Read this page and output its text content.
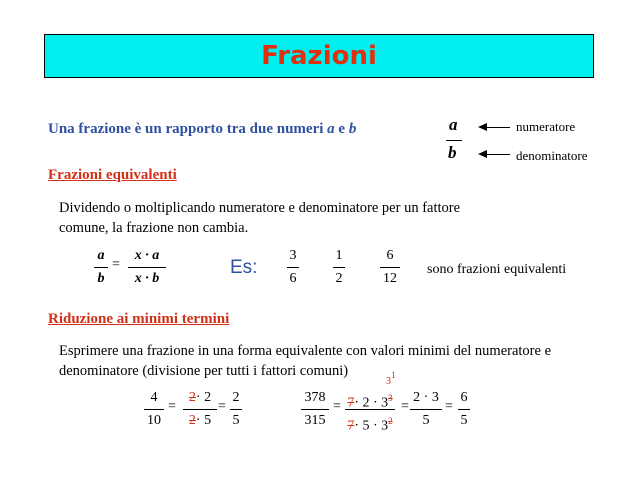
Frazioni
Una frazione è un rapporto tra due numeri a e b	a
b
numeratore
denominatore
Frazioni equivalenti
Dividendo o moltiplicando numeratore e denominatore per un fattore
comune, la frazione non cambia.
a
b
=
x · a
x · b
Es:
3
6
1
2
6
12
sono frazioni equivalenti
Riduzione ai minimi termini
Esprimere una frazione in una forma equivalente con valori minimi del numeratore e
denominatore (divisione per tutti i fattori comuni)
4
10
=
2· 2
2· 5
=
2
5
378
315
=
3
1
$7\cdot 2 \cdot 3^3$
$7\cdot 5 \cdot 3^2$
=
2 · 3
5
=
6
5
